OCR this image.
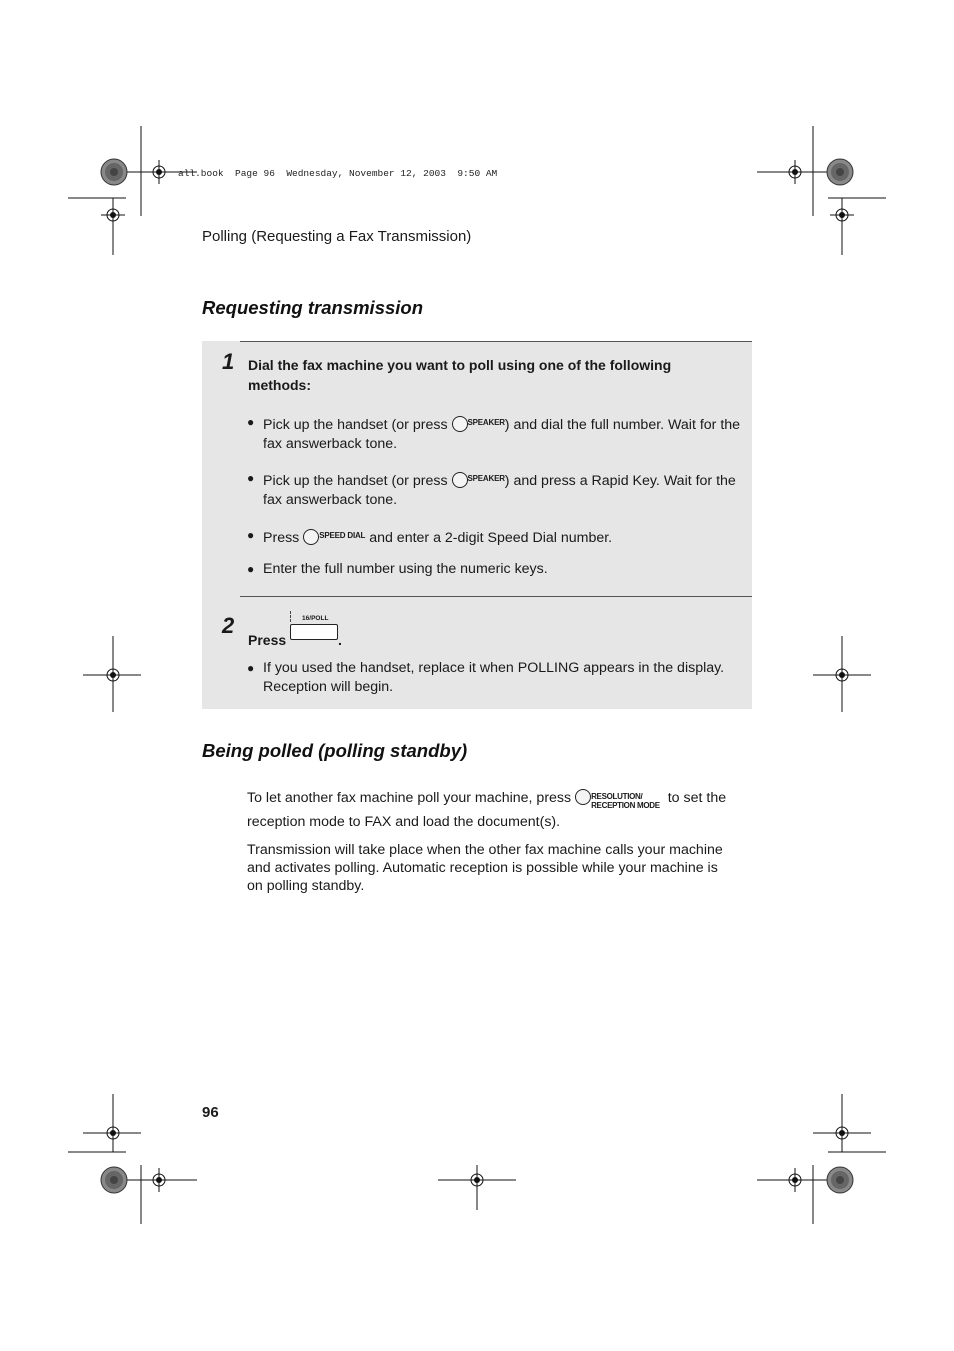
all.book  Page 96  Wednesday, November 12, 2003  9:50 AM
Polling (Requesting a Fax Transmission)
Requesting transmission
1 Dial the fax machine you want to poll using one of the following methods:
● Pick up the handset (or press $^{SPEAKER}$) and dial the full number. Wait for the fax answerback tone.
● Pick up the handset (or press $^{SPEAKER}$) and press a Rapid Key. Wait for the fax answerback tone.
● Press $^{SPEED DIAL}$ and enter a 2-digit Speed Dial number.
● Enter the full number using the numeric keys.
2
Press
16/POLL
.
● If you used the handset, replace it when POLLING appears in the display. Reception will begin.
Being polled (polling standby)
To let another fax machine poll your machine, press RESOLUTION/
RECEPTION MODE to set the
reception mode to FAX and load the document(s).
Transmission will take place when the other fax machine calls your machine and activates polling. Automatic reception is possible while your machine is on polling standby.
96
